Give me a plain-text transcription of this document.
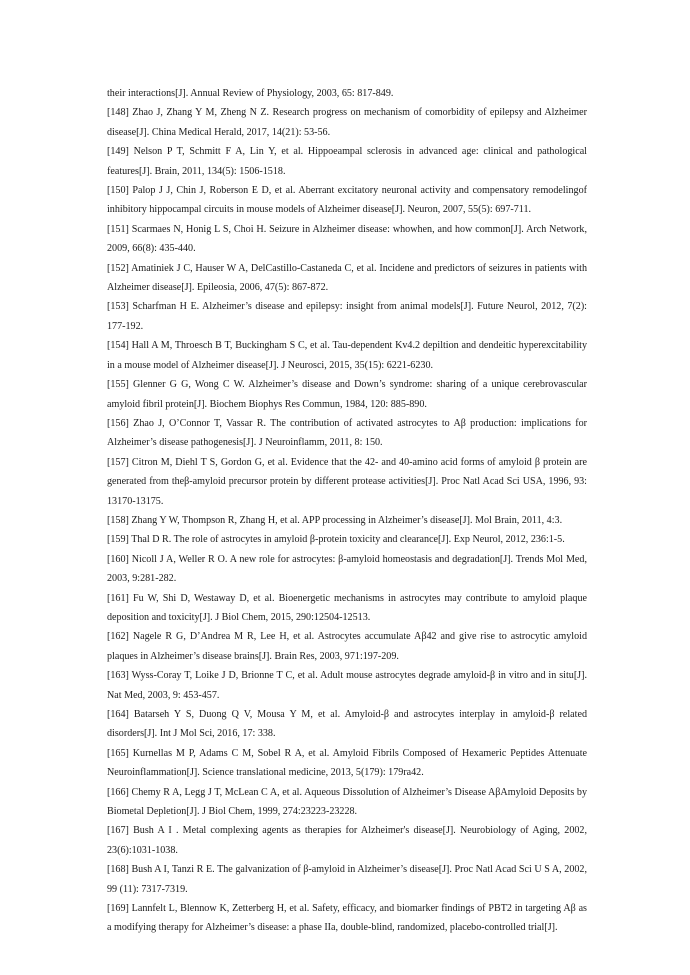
their interactions[J]. Annual Review of Physiology, 2003, 65: 817-849.

[148] Zhao J, Zhang Y M, Zheng N Z. Research progress on mechanism of comorbidity of epilepsy and Alzheimer disease[J]. China Medical Herald, 2017, 14(21): 53-56.

[149] Nelson P T, Schmitt F A, Lin Y, et al. Hippoeampal sclerosis in advanced age: clinical and pathological features[J]. Brain, 2011, 134(5): 1506-1518.

[150] Palop J J, Chin J, Roberson E D, et al. Aberrant excitatory neuronal activity and compensatory remodelingof inhibitory hippocampal circuits in mouse models of Alzheimer disease[J]. Neuron, 2007, 55(5): 697-711.

[151] Scarmaes N, Honig L S, Choi H. Seizure in Alzheimer disease: whowhen, and how common[J]. Arch Network, 2009, 66(8): 435-440.

[152] Amatiniek J C, Hauser W A, DelCastillo-Castaneda C, et al. Incidene and predictors of seizures in patients with Alzheimer disease[J]. Epileosia, 2006, 47(5): 867-872.

[153] Scharfman H E. Alzheimer’s disease and epilepsy: insight from animal models[J]. Future Neurol, 2012, 7(2): 177-192.

[154] Hall A M, Throesch B T, Buckingham S C, et al. Tau-dependent Kv4.2 depiltion and dendeitic hyperexcitability in a mouse model of Alzheimer disease[J]. J Neurosci, 2015, 35(15): 6221-6230.

[155] Glenner G G, Wong C W. Alzheimer’s disease and Down’s syndrome: sharing of a unique cerebrovascular amyloid fibril protein[J]. Biochem Biophys Res Commun, 1984, 120: 885-890.

[156] Zhao J, O’Connor T, Vassar R. The contribution of activated astrocytes to Aβ production: implications for Alzheimer’s disease pathogenesis[J]. J Neuroinflamm, 2011, 8: 150.

[157] Citron M, Diehl T S, Gordon G, et al. Evidence that the 42- and 40-amino acid forms of amyloid β protein are generated from theβ-amyloid precursor protein by different protease activities[J]. Proc Natl Acad Sci USA, 1996, 93: 13170-13175.

[158] Zhang Y W, Thompson R, Zhang H, et al. APP processing in Alzheimer’s disease[J]. Mol Brain, 2011, 4:3.

[159] Thal D R. The role of astrocytes in amyloid β-protein toxicity and clearance[J]. Exp Neurol, 2012, 236:1-5.

[160] Nicoll J A, Weller R O. A new role for astrocytes: β-amyloid homeostasis and degradation[J]. Trends Mol Med, 2003, 9:281-282.

[161] Fu W, Shi D, Westaway D, et al. Bioenergetic mechanisms in astrocytes may contribute to amyloid plaque deposition and toxicity[J]. J Biol Chem, 2015, 290:12504-12513.

[162] Nagele R G, D’Andrea M R, Lee H, et al. Astrocytes accumulate Aβ42 and give rise to astrocytic amyloid plaques in Alzheimer’s disease brains[J]. Brain Res, 2003, 971:197-209.

[163] Wyss-Coray T, Loike J D, Brionne T C, et al. Adult mouse astrocytes degrade amyloid-β in vitro and in situ[J]. Nat Med, 2003, 9: 453-457.

[164] Batarseh Y S, Duong Q V, Mousa Y M, et al. Amyloid-β and astrocytes interplay in amyloid-β related disorders[J]. Int J Mol Sci, 2016, 17: 338.

[165] Kurnellas M P, Adams C M, Sobel R A, et al. Amyloid Fibrils Composed of Hexameric Peptides Attenuate Neuroinflammation[J]. Science translational medicine, 2013, 5(179): 179ra42.

[166] Chemy R A, Legg J T, McLean C A, et al. Aqueous Dissolution of Alzheimer’s Disease AβAmyloid Deposits by Biometal Depletion[J]. J Biol Chem, 1999, 274:23223-23228.

[167] Bush A I . Metal complexing agents as therapies for Alzheimer's disease[J]. Neurobiology of Aging, 2002, 23(6):1031-1038.

[168] Bush A I, Tanzi R E. The galvanization of β-amyloid in Alzheimer’s disease[J]. Proc Natl Acad Sci U S A, 2002, 99 (11): 7317-7319.

[169] Lannfelt L, Blennow K, Zetterberg H, et al. Safety, efficacy, and biomarker findings of PBT2 in targeting Aβ as a modifying therapy for Alzheimer’s disease: a phase IIa, double-blind, randomized, placebo-controlled trial[J].
